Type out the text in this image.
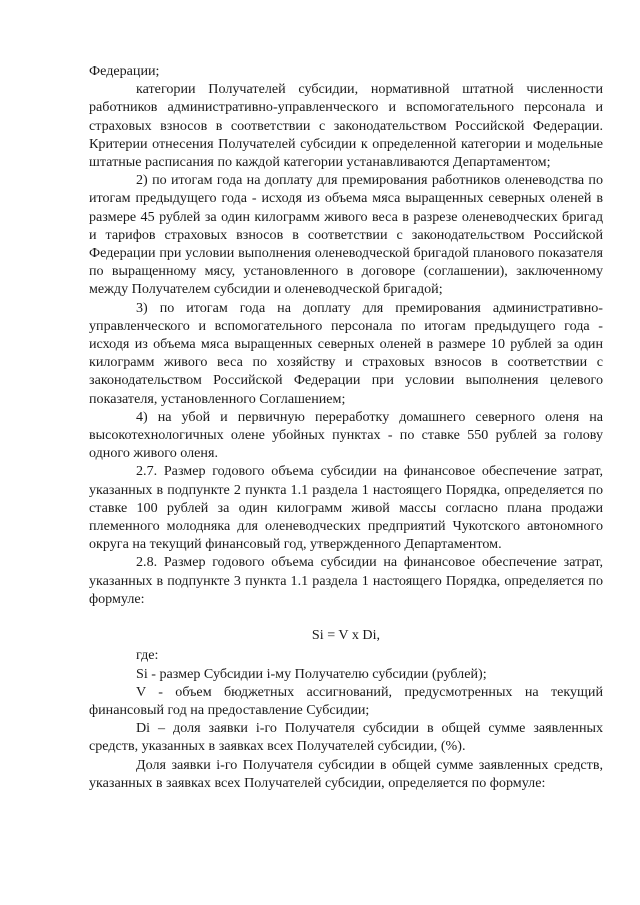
Федерации;

категории Получателей субсидии, нормативной штатной численности работников административно-управленческого и вспомогательного персонала и страховых взносов в соответствии с законодательством Российской Федерации. Критерии отнесения Получателей субсидии к определенной категории и модельные штатные расписания по каждой категории устанавливаются Департаментом;

2) по итогам года на доплату для премирования работников оленеводства по итогам предыдущего года - исходя из объема мяса выращенных северных оленей в размере 45 рублей за один килограмм живого веса в разрезе оленеводческих бригад и тарифов страховых взносов в соответствии с законодательством Российской Федерации при условии выполнения оленеводческой бригадой планового показателя по выращенному мясу, установленного в договоре (соглашении), заключенному между Получателем субсидии и оленеводческой бригадой;

3) по итогам года на доплату для премирования административно-управленческого и вспомогательного персонала по итогам предыдущего года - исходя из объема мяса выращенных северных оленей в размере 10 рублей за один килограмм живого веса по хозяйству и страховых взносов в соответствии с законодательством Российской Федерации при условии выполнения целевого показателя, установленного Соглашением;

4) на убой и первичную переработку домашнего северного оленя на высокотехнологичных олене убойных пунктах - по ставке 550 рублей за голову одного живого оленя.

2.7. Размер годового объема субсидии на финансовое обеспечение затрат, указанных в подпункте 2 пункта 1.1 раздела 1 настоящего Порядка, определяется по ставке 100 рублей за один килограмм живой массы согласно плана продажи племенного молодняка для оленеводческих предприятий Чукотского автономного округа на текущий финансовый год, утвержденного Департаментом.

2.8. Размер годового объема субсидии на финансовое обеспечение затрат, указанных в подпункте 3 пункта 1.1 раздела 1 настоящего Порядка, определяется по формуле:

Si = V x Di,

где:

Si - размер Субсидии i-му Получателю субсидии (рублей);

V - объем бюджетных ассигнований, предусмотренных на текущий финансовый год на предоставление Субсидии;

Di – доля заявки i-го Получателя субсидии в общей сумме заявленных средств, указанных в заявках всех Получателей субсидии, (%).

Доля заявки i-го Получателя субсидии в общей сумме заявленных средств, указанных в заявках всех Получателей субсидии, определяется по формуле:
